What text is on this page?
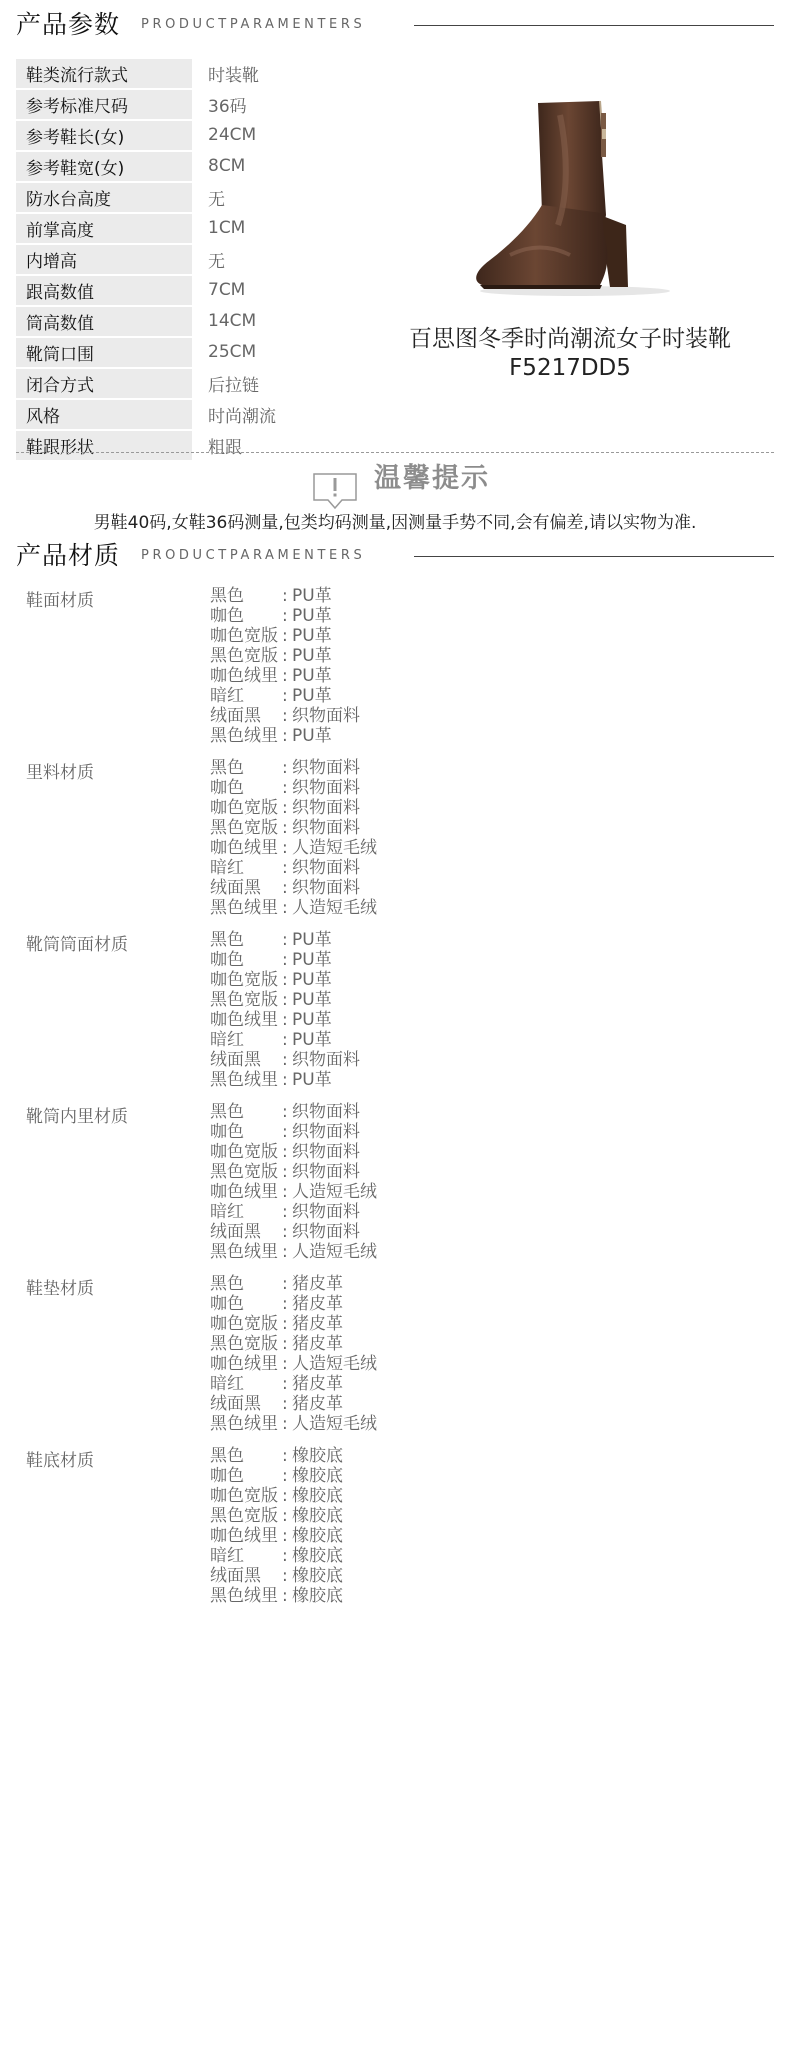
产品参数 PRODUCTPARAMENTERS
鞋类流行款式	时装靴
参考标准尺码	36码
参考鞋长(女)	24CM
参考鞋宽(女)	8CM
防水台高度	无
前掌高度	1CM
内增高	无
跟高数值	7CM
筒高数值	14CM
靴筒口围	25CM
闭合方式	后拉链
风格	时尚潮流
鞋跟形状	粗跟
百思图冬季时尚潮流女子时装靴
F5217DD5
温馨提示
男鞋40码,女鞋36码测量,包类均码测量,因测量手势不同,会有偏差,请以实物为准.
产品材质 PRODUCTPARAMENTERS
鞋面材质	黑色 : PU革
咖色 : PU革
咖色宽版 : PU革
黑色宽版 : PU革
咖色绒里 : PU革
暗红 : PU革
绒面黑 : 织物面料
黑色绒里 : PU革
里料材质	黑色 : 织物面料
咖色 : 织物面料
咖色宽版 : 织物面料
黑色宽版 : 织物面料
咖色绒里 : 人造短毛绒
暗红 : 织物面料
绒面黑 : 织物面料
黑色绒里 : 人造短毛绒
靴筒筒面材质	黑色 : PU革
咖色 : PU革
咖色宽版 : PU革
黑色宽版 : PU革
咖色绒里 : PU革
暗红 : PU革
绒面黑 : 织物面料
黑色绒里 : PU革
靴筒内里材质	黑色 : 织物面料
咖色 : 织物面料
咖色宽版 : 织物面料
黑色宽版 : 织物面料
咖色绒里 : 人造短毛绒
暗红 : 织物面料
绒面黑 : 织物面料
黑色绒里 : 人造短毛绒
鞋垫材质	黑色 : 猪皮革
咖色 : 猪皮革
咖色宽版 : 猪皮革
黑色宽版 : 猪皮革
咖色绒里 : 人造短毛绒
暗红 : 猪皮革
绒面黑 : 猪皮革
黑色绒里 : 人造短毛绒
鞋底材质	黑色 : 橡胶底
咖色 : 橡胶底
咖色宽版 : 橡胶底
黑色宽版 : 橡胶底
咖色绒里 : 橡胶底
暗红 : 橡胶底
绒面黑 : 橡胶底
黑色绒里 : 橡胶底
